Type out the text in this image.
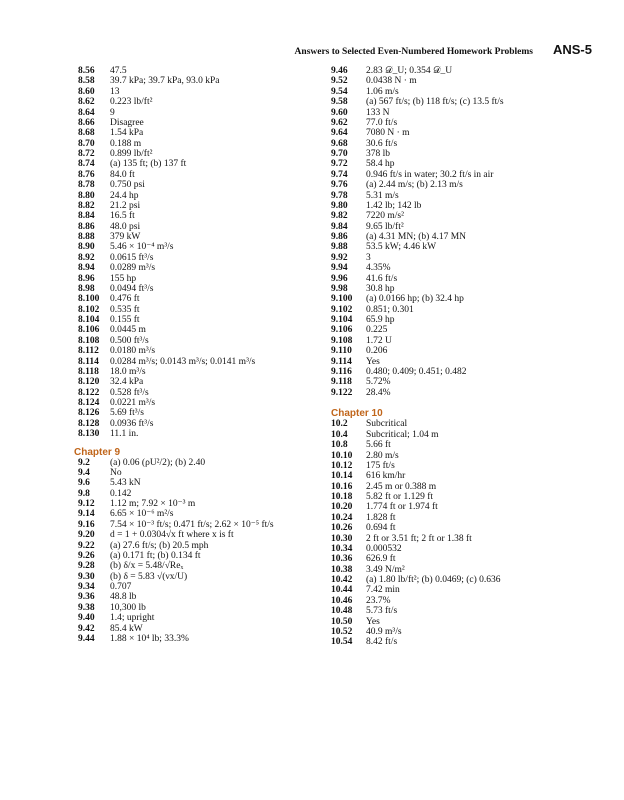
Answers to Selected Even-Numbered Homework Problems ANS-5
8.56	47.5
8.58	39.7 kPa; 39.7 kPa, 93.0 kPa
8.60	13
8.62	0.223 lb/ft²
8.64	9
8.66	Disagree
8.68	1.54 kPa
8.70	0.188 m
8.72	0.899 lb/ft²
8.74	(a) 135 ft; (b) 137 ft
8.76	84.0 ft
8.78	0.750 psi
8.80	24.4 hp
8.82	21.2 psi
8.84	16.5 ft
8.86	48.0 psi
8.88	379 kW
8.90	5.46 × 10⁻⁴ m³/s
8.92	0.0615 ft³/s
8.94	0.0289 m³/s
8.96	155 hp
8.98	0.0494 ft³/s
8.100	0.476 ft
8.102	0.535 ft
8.104	0.155 ft
8.106	0.0445 m
8.108	0.500 ft³/s
8.112	0.0180 m³/s
8.114	0.0284 m³/s; 0.0143 m³/s; 0.0141 m³/s
8.118	18.0 m³/s
8.120	32.4 kPa
8.122	0.528 ft³/s
8.124	0.0221 m³/s
8.126	5.69 ft³/s
8.128	0.0936 ft³/s
8.130	11.1 in.
Chapter 9
9.2	(a) 0.06 (ρU²/2); (b) 2.40
9.4	No
9.6	5.43 kN
9.8	0.142
9.12	1.12 m; 7.92 × 10⁻³ m
9.14	6.65 × 10⁻⁶ m²/s
9.16	7.54 × 10⁻³ ft/s; 0.471 ft/s; 2.62 × 10⁻⁵ ft/s
9.20	d = 1 + 0.0304√x ft where x is ft
9.22	(a) 27.6 ft/s; (b) 20.5 mph
9.26	(a) 0.171 ft; (b) 0.134 ft
9.28	(b) δ/x = 5.48/√Reₓ
9.30	(b) δ = 5.83 √(νx/U)
9.34	0.707
9.36	48.8 lb
9.38	10,300 lb
9.40	1.4; upright
9.42	85.4 kW
9.44	1.88 × 10⁴ lb; 33.3%
9.46	2.83 𝒟_U; 0.354 𝒟_U
9.52	0.0438 N · m
9.54	1.06 m/s
9.58	(a) 567 ft/s; (b) 118 ft/s; (c) 13.5 ft/s
9.60	133 N
9.62	77.0 ft/s
9.64	7080 N · m
9.68	30.6 ft/s
9.70	378 lb
9.72	58.4 hp
9.74	0.946 ft/s in water; 30.2 ft/s in air
9.76	(a) 2.44 m/s; (b) 2.13 m/s
9.78	5.31 m/s
9.80	1.42 lb; 142 lb
9.82	7220 m/s²
9.84	9.65 lb/ft²
9.86	(a) 4.31 MN; (b) 4.17 MN
9.88	53.5 kW; 4.46 kW
9.92	3
9.94	4.35%
9.96	41.6 ft/s
9.98	30.8 hp
9.100	(a) 0.0166 hp; (b) 32.4 hp
9.102	0.851; 0.301
9.104	65.9 hp
9.106	0.225
9.108	1.72 U
9.110	0.206
9.114	Yes
9.116	0.480; 0.409; 0.451; 0.482
9.118	5.72%
9.122	28.4%
Chapter 10
10.2	Subcritical
10.4	Subcritical; 1.04 m
10.8	5.66 ft
10.10	2.80 m/s
10.12	175 ft/s
10.14	616 km/hr
10.16	2.45 m or 0.388 m
10.18	5.82 ft or 1.129 ft
10.20	1.774 ft or 1.974 ft
10.24	1.828 ft
10.26	0.694 ft
10.30	2 ft or 3.51 ft; 2 ft or 1.38 ft
10.34	0.000532
10.36	626.9 ft
10.38	3.49 N/m²
10.42	(a) 1.80 lb/ft²; (b) 0.0469; (c) 0.636
10.44	7.42 min
10.46	23.7%
10.48	5.73 ft/s
10.50	Yes
10.52	40.9 m³/s
10.54	8.42 ft/s
